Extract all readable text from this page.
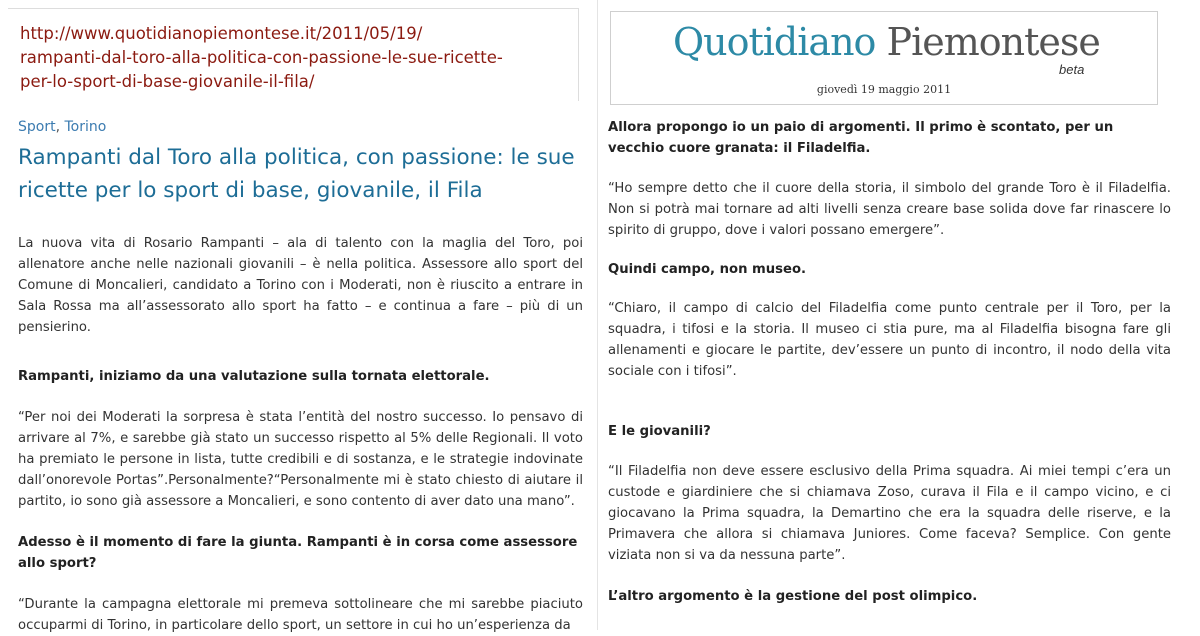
http://www.quotidianopiemontese.it/2011/05/19/
rampanti-dal-toro-alla-politica-con-passione-le-sue-ricette-
per-lo-sport-di-base-giovanile-il-fila/
Sport, Torino
Rampanti dal Toro alla politica, con passione: le sue ricette per lo sport di base, giovanile, il Fila

La nuova vita di Rosario Rampanti – ala di talento con la maglia del Toro, poi allenatore anche nelle nazionali giovanili – è nella politica. Assessore allo sport del Comune di Moncalieri, candidato a Torino con i Moderati, non è riuscito a entrare in Sala Rossa ma all’assessorato allo sport ha fatto – e continua a fare – più di un pensierino.

Rampanti, iniziamo da una valutazione sulla tornata elettorale.

“Per noi dei Moderati la sorpresa è stata l’entità del nostro successo. Io pensavo di arrivare al 7%, e sarebbe già stato un successo rispetto al 5% delle Regionali. Il voto ha premiato le persone in lista, tutte credibili e di sostanza, e le strategie indovinate dall’onorevole Portas”.Personalmente?“Personalmente mi è stato chiesto di aiutare il partito, io sono già assessore a Moncalieri, e sono contento di aver dato una mano”.

Adesso è il momento di fare la giunta. Rampanti è in corsa come assessore allo sport?

“Durante la campagna elettorale mi premeva sottolineare che mi sarebbe piaciuto occuparmi di Torino, in particolare dello sport, un settore in cui ho un’esperienza da

Quotidiano Piemontese
beta
giovedì 19 maggio 2011

Allora propongo io un paio di argomenti. Il primo è scontato, per un vecchio cuore granata: il Filadelfia.

“Ho sempre detto che il cuore della storia, il simbolo del grande Toro è il Filadelfia. Non si potrà mai tornare ad alti livelli senza creare base solida dove far rinascere lo spirito di gruppo, dove i valori possano emergere”.

Quindi campo, non museo.

“Chiaro, il campo di calcio del Filadelfia come punto centrale per il Toro, per la squadra, i tifosi e la storia. Il museo ci stia pure, ma al Filadelfia bisogna fare gli allenamenti e giocare le partite, dev’essere un punto di incontro, il nodo della vita sociale con i tifosi”.

E le giovanili?

“Il Filadelfia non deve essere esclusivo della Prima squadra. Ai miei tempi c’era un custode e giardiniere che si chiamava Zoso, curava il Fila e il campo vicino, e ci giocavano la Prima squadra, la Demartino che era la squadra delle riserve, e la Primavera che allora si chiamava Juniores. Come faceva? Semplice. Con gente viziata non si va da nessuna parte”.

L’altro argomento è la gestione del post olimpico.
